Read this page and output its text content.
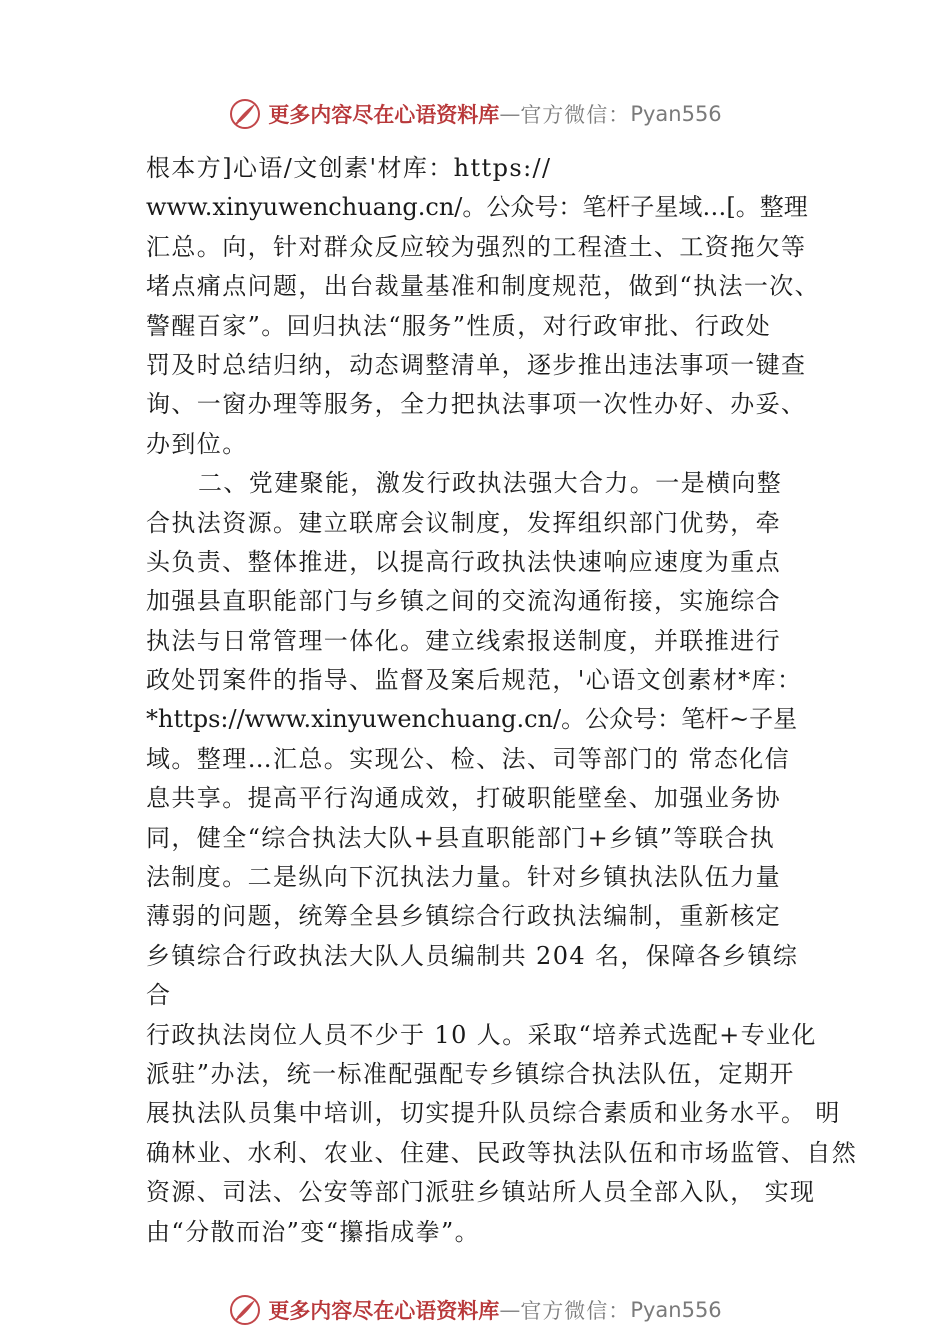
更多内容尽在心语资料库 — 官方微信： Pyan556
根本方]心语/文创素'材库：https://
www.xinyuwenchuang.cn/。公众号：笔杆子星域…[。整理
汇总。向，针对群众反应较为强烈的工程渣土、工资拖欠等
堵点痛点问题，出台裁量基准和制度规范，做到“执法一次、
警醒百家”。回归执法“服务”性质，对行政审批、行政处
罚及时总结归纳，动态调整清单，逐步推出违法事项一键查
询、一窗办理等服务，全力把执法事项一次性办好、办妥、
办到位。
二、党建聚能，激发行政执法强大合力。一是横向整
合执法资源。建立联席会议制度，发挥组织部门优势，牵
头负责、整体推进，以提高行政执法快速响应速度为重点
加强县直职能部门与乡镇之间的交流沟通衔接，实施综合
执法与日常管理一体化。建立线索报送制度，并联推进行
政处罚案件的指导、监督及案后规范，'心语文创素材*库：
*https://www.xinyuwenchuang.cn/。公众号：笔杆~子星
域。整理…汇总。实现公、检、法、司等部门的 常态化信
息共享。提高平行沟通成效，打破职能壁垒、加强业务协
同，健全“综合执法大队+县直职能部门+乡镇”等联合执
法制度。二是纵向下沉执法力量。针对乡镇执法队伍力量
薄弱的问题，统筹全县乡镇综合行政执法编制，重新核定
乡镇综合行政执法大队人员编制共 204 名，保障各乡镇综
合
行政执法岗位人员不少于 10 人。采取“培养式选配+专业化
派驻”办法，统一标准配强配专乡镇综合执法队伍，定期开
展执法队员集中培训，切实提升队员综合素质和业务水平。 明
确林业、水利、农业、住建、民政等执法队伍和市场监管、自然
资源、司法、公安等部门派驻乡镇站所人员全部入队， 实现
由“分散而治”变“攥指成拳”。
更多内容尽在心语资料库 — 官方微信： Pyan556
